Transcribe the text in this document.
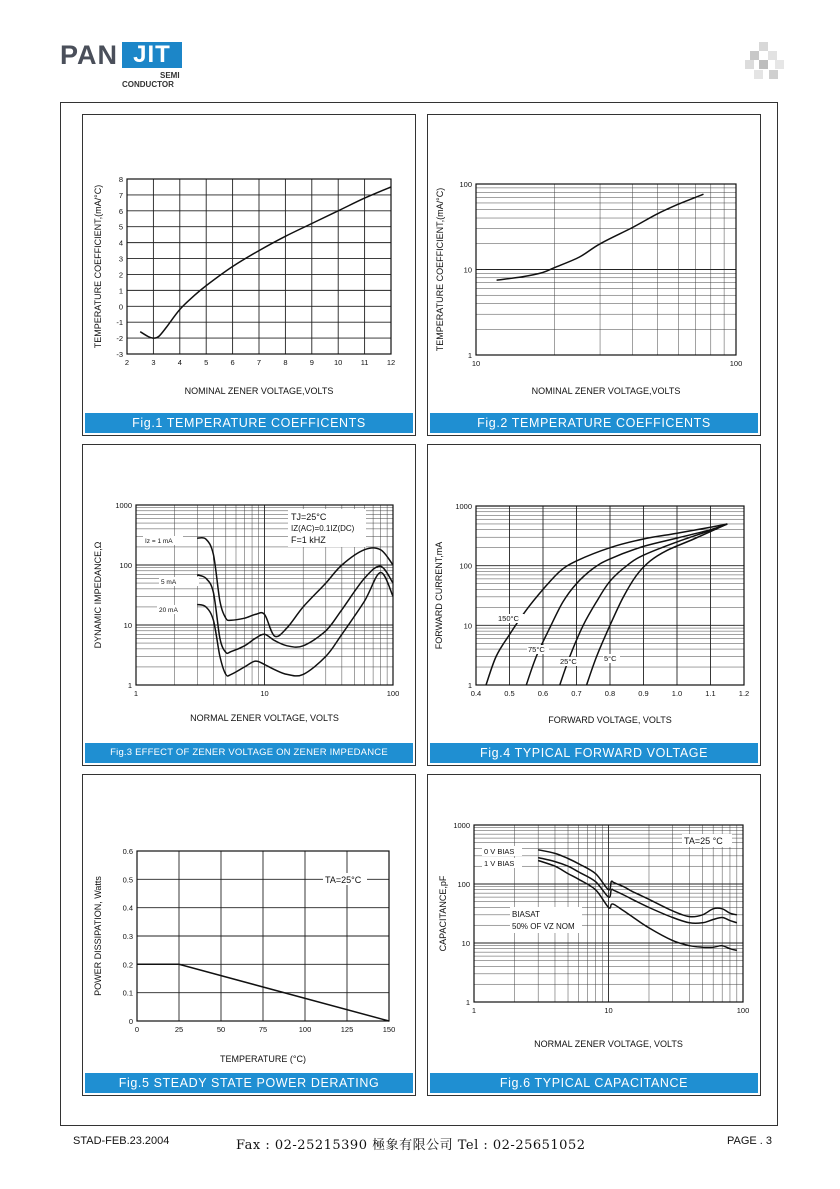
PAN JIT
SEMI
CONDUCTOR
2	3	4	5	6	7	8	9	10 11 12
-3
-2
-1
0
1
2
3
4
5
6
7
8
NOMINAL ZENER VOLTAGE,VOLTS
TEMPERATURE COEFFICIENT,(mA/°C)
Fig.1 TEMPERATURE COEFFICENTS
10	100
1
10
100
NOMINAL ZENER VOLTAGE,VOLTS
TEMPERATURE COEFFICIENT,(mA/°C)
Fig.2 TEMPERATURE COEFFICENTS
1	10	100
1
10
100
1000
NORMAL ZENER VOLTAGE, VOLTS
DYNAMIC IMPEDANCE,Ω
TJ=25°C
IZ(AC)=0.1IZ(DC)
F=1 kHZ
Iz = 1 mA
5 mA
20 mA
Fig.3 EFFECT OF ZENER VOLTAGE ON ZENER IMPEDANCE
0.4	0.5	0.6	0.7	0.8	0.9	1.0	1.1	1.2
1
10
100
1000
FORWARD VOLTAGE, VOLTS
FORWARD CURRENT,mA	150°C
75°C
25°C	5°C
Fig.4 TYPICAL FORWARD VOLTAGE
0	25	50	75	100	125	150
0
0.1
0.2
0.3
0.4
0.5
0.6
TEMPERATURE (°C)
POWER DISSIPATION, Watts	TA=25°C
Fig.5 STEADY STATE POWER DERATING
1	10	100
1
10
100
1000
NORMAL ZENER VOLTAGE, VOLTS
CAPACITANCE,pF
TA=25 °C
0 V BIAS
1 V BIAS
BIASAT
50% OF VZ NOM
Fig.6 TYPICAL CAPACITANCE
STAD-FEB.23.2004	Fax : 02-25215390 極象有限公司 Tel : 02-25651052	PAGE . 3
